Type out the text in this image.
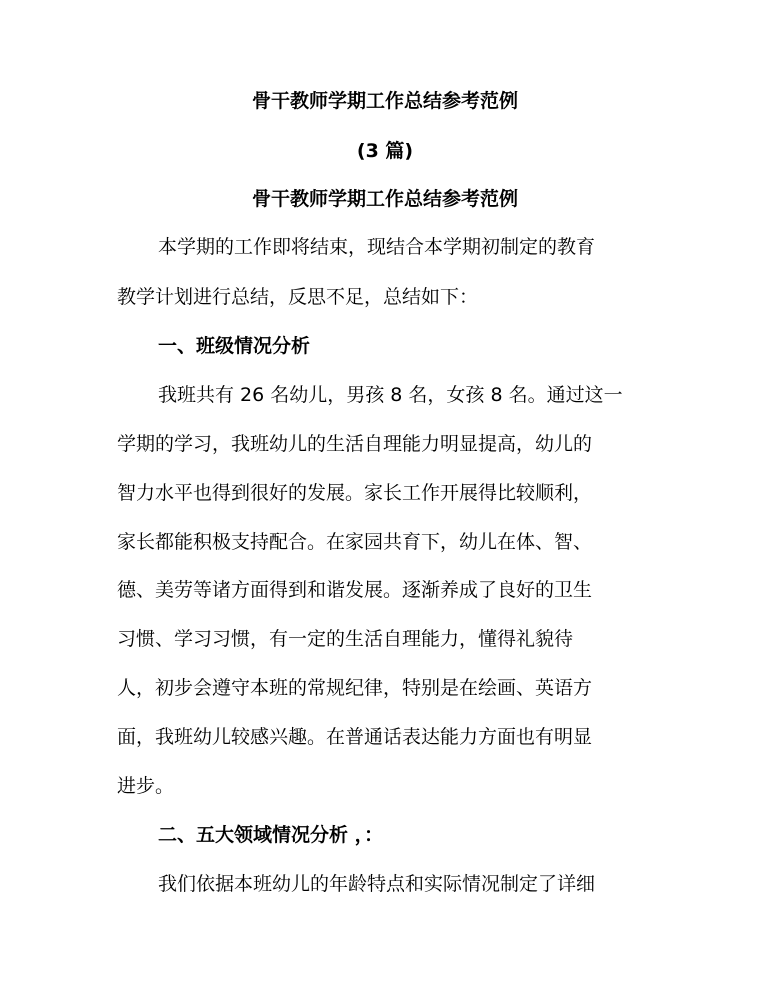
骨干教师学期工作总结参考范例
(3 篇)
骨干教师学期工作总结参考范例
本学期的工作即将结束，现结合本学期初制定的教育
教学计划进行总结，反思不足，总结如下：
一、班级情况分析
我班共有 26 名幼儿，男孩 8 名，女孩 8 名。通过这一
学期的学习，我班幼儿的生活自理能力明显提高，幼儿的
智力水平也得到很好的发展。家长工作开展得比较顺利，
家长都能积极支持配合。在家园共育下，幼儿在体、智、
德、美劳等诸方面得到和谐发展。逐渐养成了良好的卫生
习惯、学习习惯，有一定的生活自理能力，懂得礼貌待
人，初步会遵守本班的常规纪律，特别是在绘画、英语方
面，我班幼儿较感兴趣。在普通话表达能力方面也有明显
进步。
二、五大领域情况分析 ，：
我们依据本班幼儿的年龄特点和实际情况制定了详细
